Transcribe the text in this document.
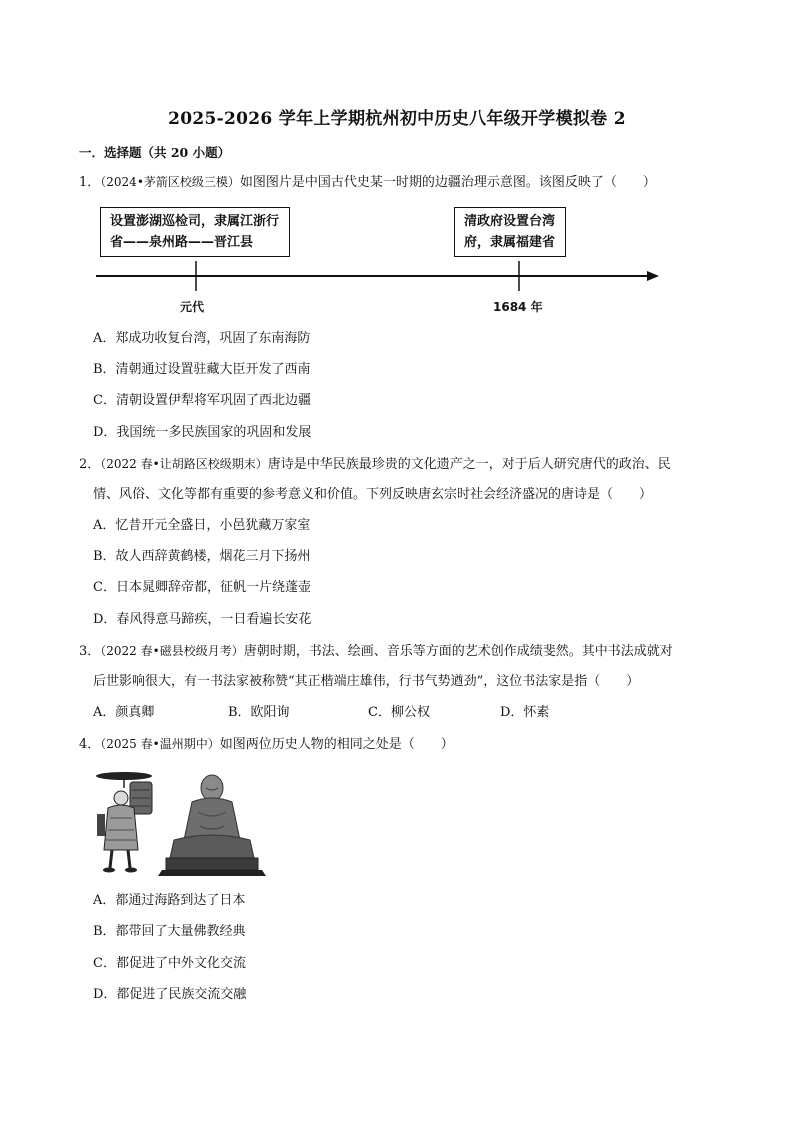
2025-2026 学年上学期杭州初中历史八年级开学模拟卷 2
一．选择题（共 20 小题）
1．（2024•茅箭区校级三模）如图图片是中国古代史某一时期的边疆治理示意图。该图反映了（　　）
设置澎湖巡检司，隶属江浙行
省——泉州路——晋江县
清政府设置台湾
府，隶属福建省
元代	1684 年
A．郑成功收复台湾，巩固了东南海防
B．清朝通过设置驻藏大臣开发了西南
C．清朝设置伊犁将军巩固了西北边疆
D．我国统一多民族国家的巩固和发展
2．（2022 春•让胡路区校级期末）唐诗是中华民族最珍贵的文化遗产之一，对于后人研究唐代的政治、民
情、风俗、文化等都有重要的参考意义和价值。下列反映唐玄宗时社会经济盛况的唐诗是（　　）
A．忆昔开元全盛日，小邑犹藏万家室
B．故人西辞黄鹤楼，烟花三月下扬州
C．日本晁卿辞帝都，征帆一片绕蓬壶
D．春风得意马蹄疾，一日看遍长安花
3．（2022 春•磁县校级月考）唐朝时期，书法、绘画、音乐等方面的艺术创作成绩斐然。其中书法成就对
后世影响很大，有一书法家被称赞“其正楷端庄雄伟，行书气势遒劲”，这位书法家是指（　　）
A．颜真卿	B．欧阳询	C．柳公权	D．怀素
4．（2025 春•温州期中）如图两位历史人物的相同之处是（　　）
A．都通过海路到达了日本
B．都带回了大量佛教经典
C．都促进了中外文化交流
D．都促进了民族交流交融
